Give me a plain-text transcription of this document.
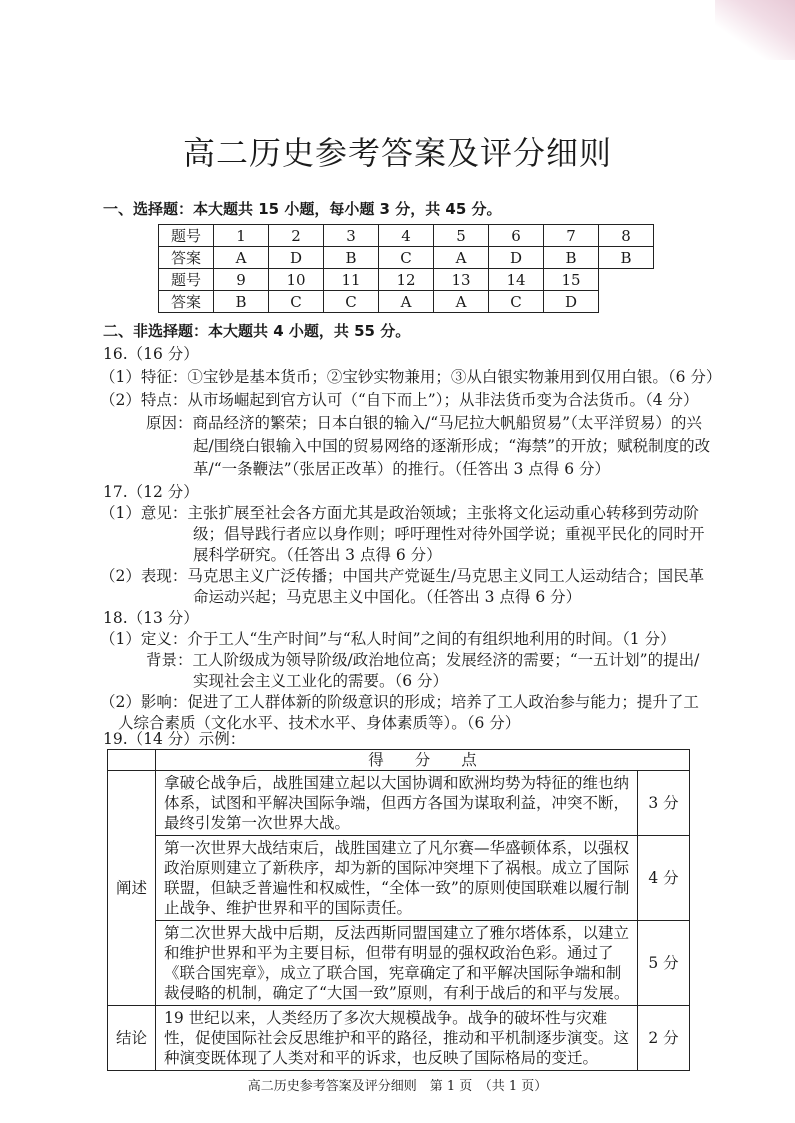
高二历史参考答案及评分细则
一、选择题：本大题共 15 小题，每小题 3 分，共 45 分。
题号	1	2	3	4	5	6	7	8
答案	A	D	B	C	A	D	B	B
题号	9	10	11	12	13	14	15	
答案	B	C	C	A	A	C	D	
二、非选择题：本大题共 4 小题，共 55 分。
16.（16 分）
（1）特征：①宝钞是基本货币；②宝钞实物兼用；③从白银实物兼用到仅用白银。（6 分）
（2）特点：从市场崛起到官方认可（“自下而上”）；从非法货币变为合法货币。（4 分）
原因：商品经济的繁荣；日本白银的输入/“马尼拉大帆船贸易”（太平洋贸易）的兴
起/围绕白银输入中国的贸易网络的逐渐形成；“海禁”的开放；赋税制度的改
革/“一条鞭法”（张居正改革）的推行。（任答出 3 点得 6 分）
17.（12 分）
（1）意见：主张扩展至社会各方面尤其是政治领域；主张将文化运动重心转移到劳动阶
级；倡导践行者应以身作则；呼吁理性对待外国学说；重视平民化的同时开
展科学研究。（任答出 3 点得 6 分）
（2）表现：马克思主义广泛传播；中国共产党诞生/马克思主义同工人运动结合；国民革
命运动兴起；马克思主义中国化。（任答出 3 点得 6 分）
18.（13 分）
（1）定义：介于工人“生产时间”与“私人时间”之间的有组织地利用的时间。（1 分）
背景：工人阶级成为领导阶级/政治地位高；发展经济的需要；“一五计划”的提出/
实现社会主义工业化的需要。（6 分）
（2）影响：促进了工人群体新的阶级意识的形成；培养了工人政治参与能力；提升了工
人综合素质（文化水平、技术水平、身体素质等）。（6 分）
19.（14 分）示例：
	得　　分　　点	
阐述	拿破仑战争后，战胜国建立起以大国协调和欧洲均势为特征的维也纳体系，试图和平解决国际争端，但西方各国为谋取利益，冲突不断，最终引发第一次世界大战。	3 分
	第一次世界大战结束后，战胜国建立了凡尔赛—华盛顿体系，以强权政治原则建立了新秩序，却为新的国际冲突埋下了祸根。成立了国际联盟，但缺乏普遍性和权威性，“全体一致”的原则使国联难以履行制止战争、维护世界和平的国际责任。	4 分
	第二次世界大战中后期，反法西斯同盟国建立了雅尔塔体系，以建立和维护世界和平为主要目标，但带有明显的强权政治色彩。通过了《联合国宪章》，成立了联合国，宪章确定了和平解决国际争端和制裁侵略的机制，确定了“大国一致”原则，有利于战后的和平与发展。	5 分
结论	19 世纪以来，人类经历了多次大规模战争。战争的破坏性与灾难性，促使国际社会反思维护和平的路径，推动和平机制逐步演变。这种演变既体现了人类对和平的诉求，也反映了国际格局的变迁。	2 分
高二历史参考答案及评分细则　第 1 页　（共 1 页）
